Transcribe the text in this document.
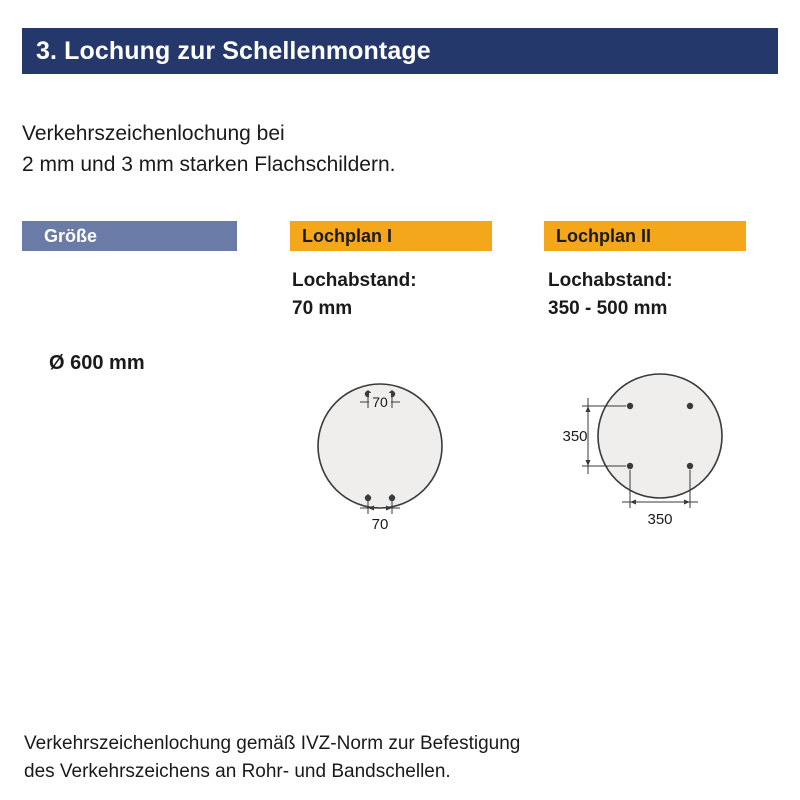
3. Lochung zur Schellenmontage
Verkehrszeichenlochung bei
2 mm und 3 mm starken Flachschildern.
Größe	Lochplan I	Lochplan II
Lochabstand:
70 mm
Lochabstand:
350 - 500 mm
Ø 600 mm
70
70
350
350
Verkehrszeichenlochung gemäß IVZ-Norm zur Befestigung
des Verkehrszeichens an Rohr- und Bandschellen.
